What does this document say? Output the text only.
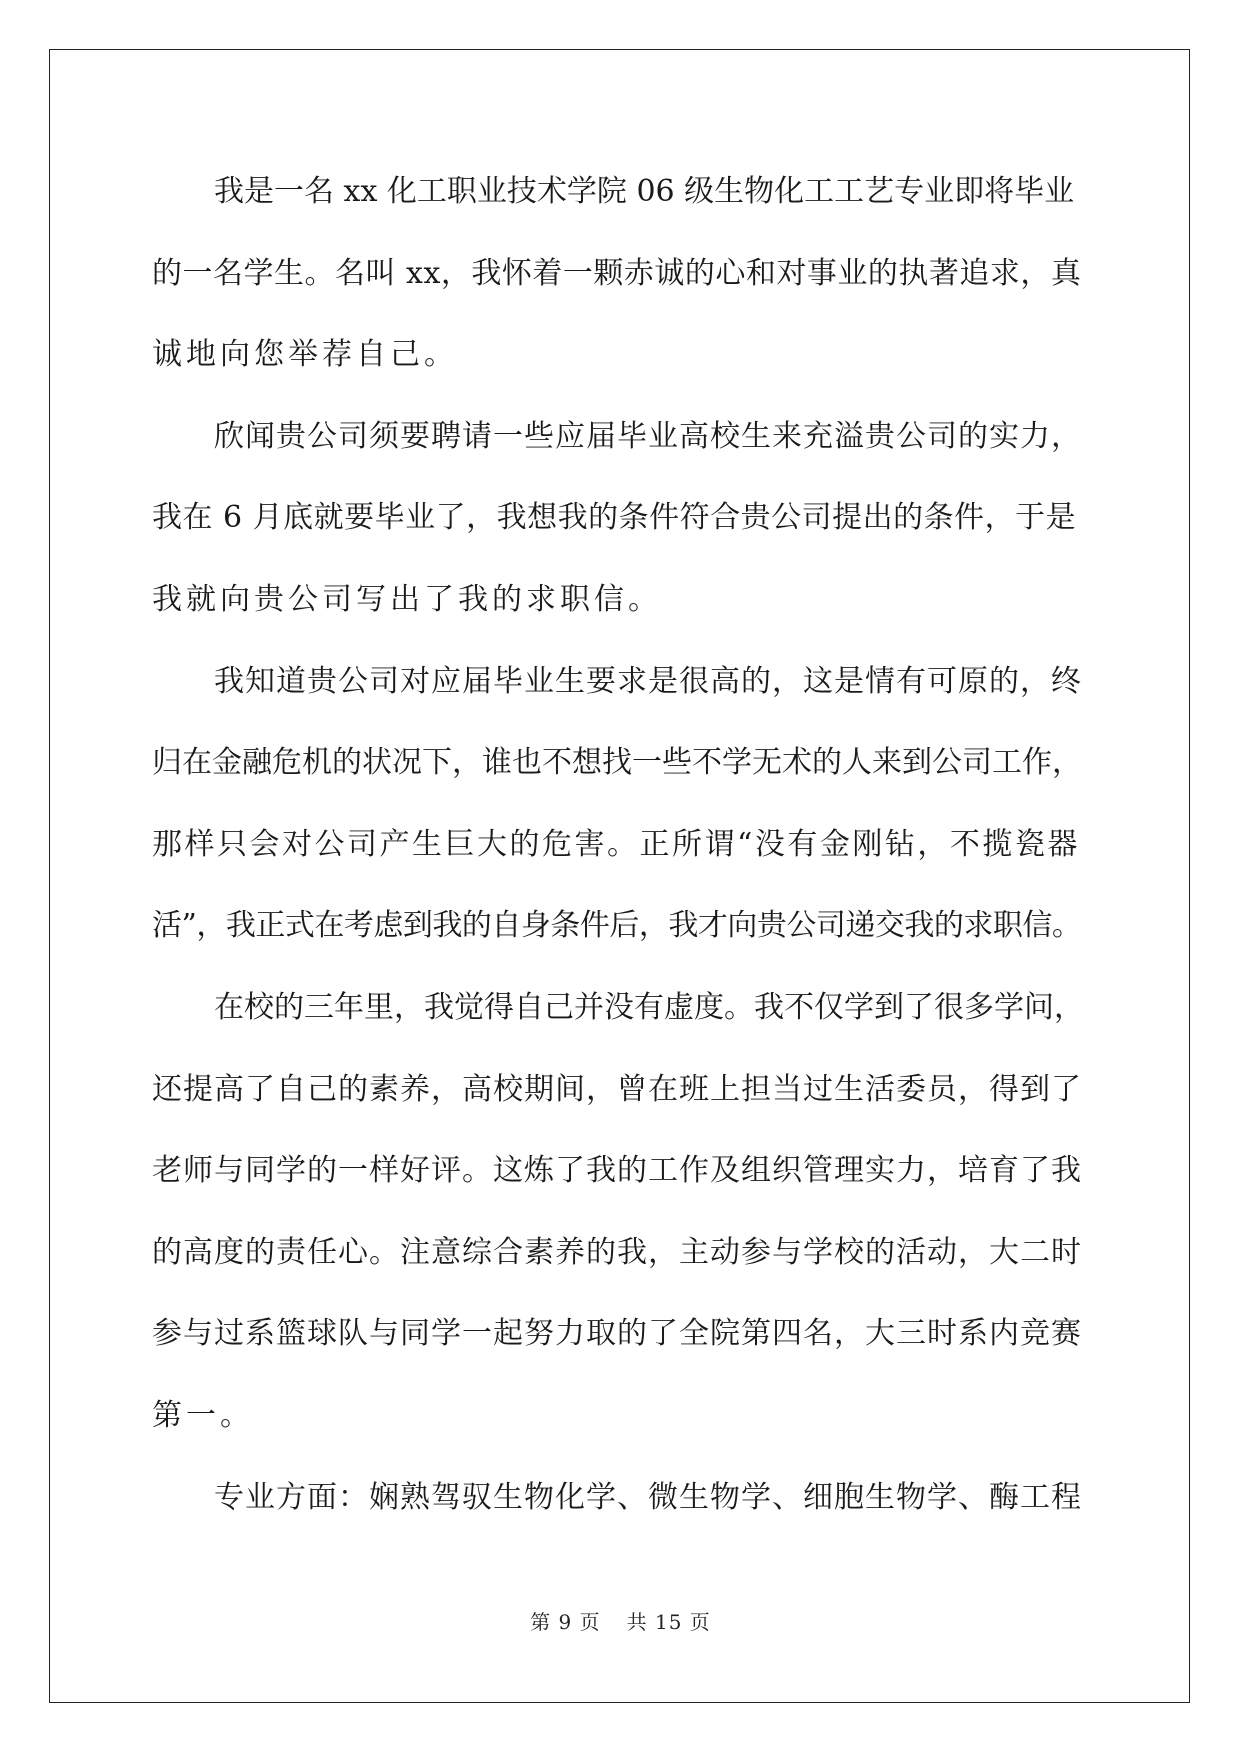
我是一名 xx 化工职业技术学院 06 级生物化工工艺专业即将毕业
的一名学生。名叫 xx，我怀着一颗赤诚的心和对事业的执著追求，真
诚地向您举荐自己。
欣闻贵公司须要聘请一些应届毕业高校生来充溢贵公司的实力，
我在 6 月底就要毕业了，我想我的条件符合贵公司提出的条件，于是
我就向贵公司写出了我的求职信。
我知道贵公司对应届毕业生要求是很高的，这是情有可原的，终
归在金融危机的状况下，谁也不想找一些不学无术的人来到公司工作，
那样只会对公司产生巨大的危害。正所谓“没有金刚钻，不揽瓷器
活”，我正式在考虑到我的自身条件后，我才向贵公司递交我的求职信。
在校的三年里，我觉得自己并没有虚度。我不仅学到了很多学问，
还提高了自己的素养，高校期间，曾在班上担当过生活委员，得到了
老师与同学的一样好评。这炼了我的工作及组织管理实力，培育了我
的高度的责任心。注意综合素养的我，主动参与学校的活动，大二时
参与过系篮球队与同学一起努力取的了全院第四名，大三时系内竞赛
第一。
专业方面：娴熟驾驭生物化学、微生物学、细胞生物学、酶工程
第 9 页 共 15 页
